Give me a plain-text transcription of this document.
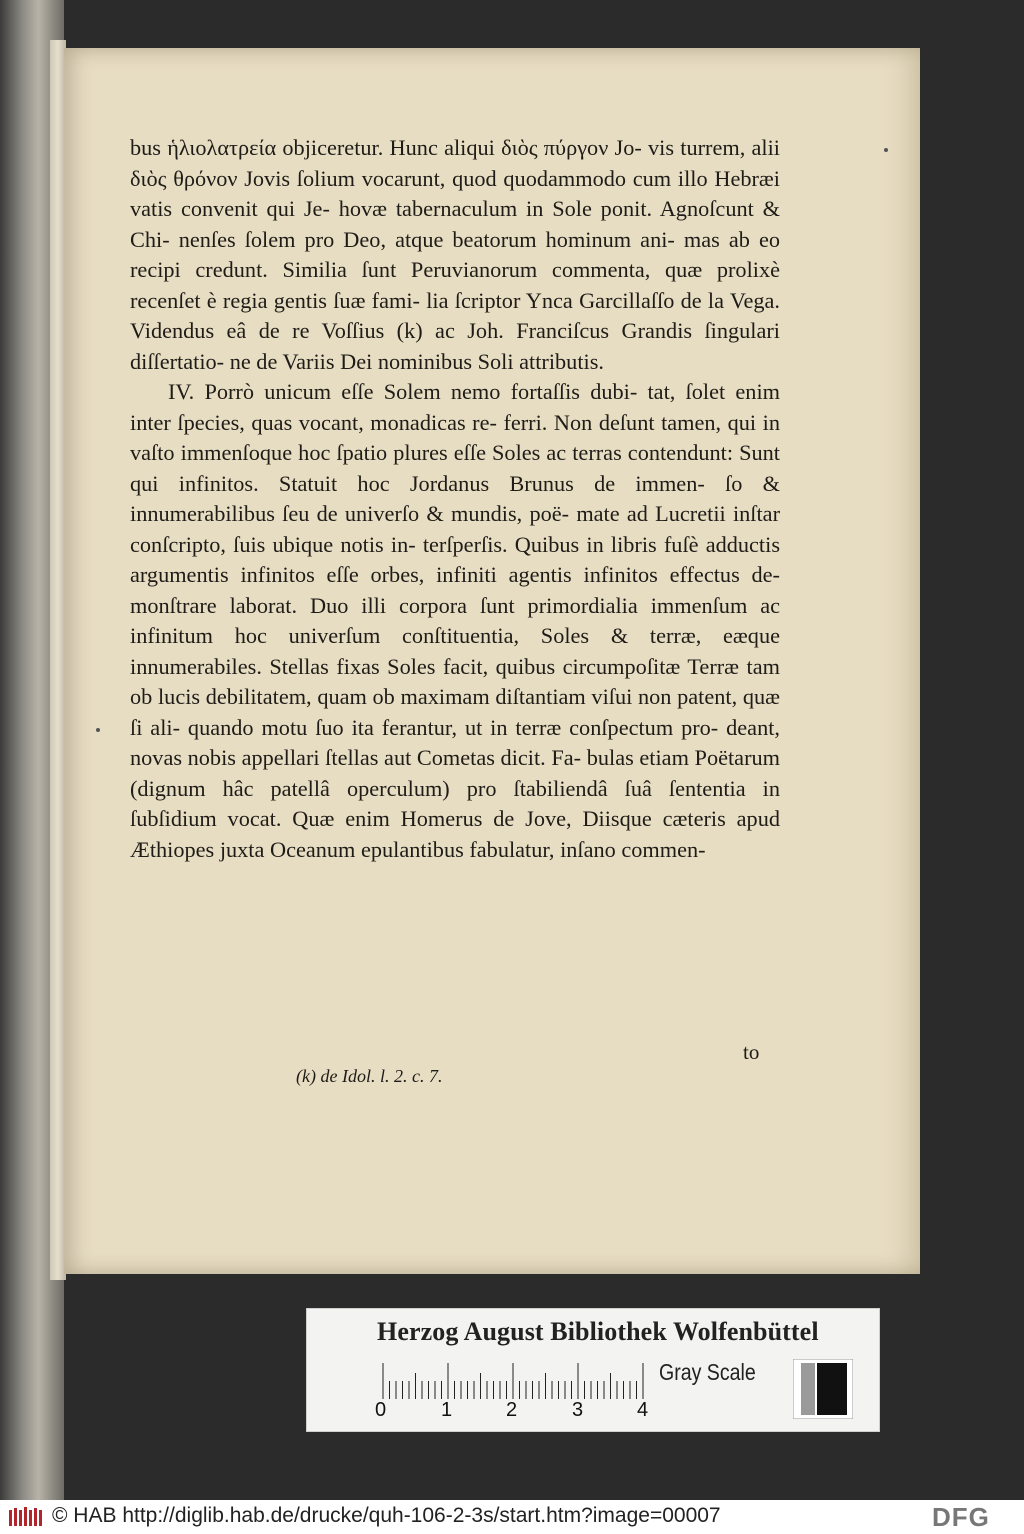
bus ἡλιολατρεία objiceretur. Hunc aliqui διὸς πύργον Jo- vis turrem, alii διὸς θρόνον Jovis ſolium vocarunt, quod quodammodo cum illo Hebræi vatis convenit qui Je- hovæ tabernaculum in Sole ponit. Agnoſcunt & Chi- nenſes ſolem pro Deo, atque beatorum hominum ani- mas ab eo recipi credunt. Similia ſunt Peruvianorum commenta, quæ prolixè recenſet è regia gentis ſuæ fami- lia ſcriptor Ynca Garcillaſſo de la Vega. Videndus eâ de re Voſſius (k) ac Joh. Franciſcus Grandis ſingulari diſſertatio- ne de Variis Dei nominibus Soli attributis.

IV. Porrò unicum eſſe Solem nemo fortaſſis dubi- tat, ſolet enim inter ſpecies, quas vocant, monadicas re- ferri. Non deſunt tamen, qui in vaſto immenſoque hoc ſpatio plures eſſe Soles ac terras contendunt: Sunt qui infinitos. Statuit hoc Jordanus Brunus de immen- ſo & innumerabilibus ſeu de univerſo & mundis, poë- mate ad Lucretii inſtar conſcripto, ſuis ubique notis in- terſperſis. Quibus in libris fuſè adductis argumentis infinitos eſſe orbes, infiniti agentis infinitos effectus de- monſtrare laborat. Duo illi corpora ſunt primordialia immenſum ac infinitum hoc univerſum conſtituentia, Soles & terræ, eæque innumerabiles. Stellas fixas Soles facit, quibus circumpoſitæ Terræ tam ob lucis debilitatem, quam ob maximam diſtantiam viſui non patent, quæ ſi ali- quando motu ſuo ita ferantur, ut in terræ conſpectum pro- deant, novas nobis appellari ſtellas aut Cometas dicit. Fa- bulas etiam Poëtarum (dignum hâc patellâ operculum) pro ſtabiliendâ ſuâ ſententia in ſubſidium vocat. Quæ enim Homerus de Jove, Diisque cæteris apud Æthiopes juxta Oceanum epulantibus fabulatur, inſano commen-

to
(k) de Idol. l. 2. c. 7.
Herzog August Bibliothek Wolfenbüttel
0	1	2	3	4
Gray Scale
© HAB http://diglib.hab.de/drucke/quh-106-2-3s/start.htm?image=00007	DFG
